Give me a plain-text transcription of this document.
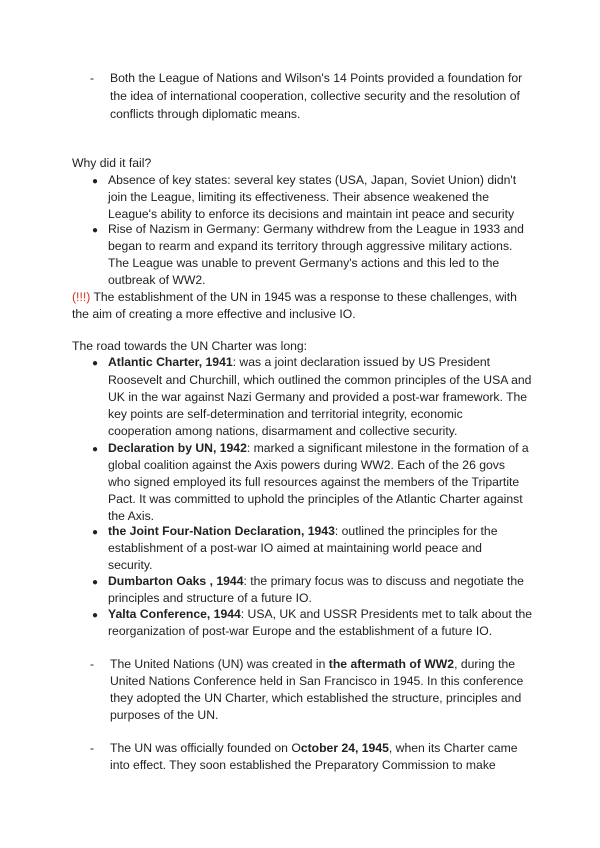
- Both the League of Nations and Wilson's 14 Points provided a foundation for
the idea of international cooperation, collective security and the resolution of
conflicts through diplomatic means.
Why did it fail?
● Absence of key states: several key states (USA, Japan, Soviet Union) didn't
join the League, limiting its effectiveness. Their absence weakened the
League's ability to enforce its decisions and maintain int peace and security
● Rise of Nazism in Germany: Germany withdrew from the League in 1933 and
began to rearm and expand its territory through aggressive military actions.
The League was unable to prevent Germany's actions and this led to the
outbreak of WW2.
(!!!) The establishment of the UN in 1945 was a response to these challenges, with
the aim of creating a more effective and inclusive IO.
The road towards the UN Charter was long:
● Atlantic Charter, 1941: was a joint declaration issued by US President
Roosevelt and Churchill, which outlined the common principles of the USA and
UK in the war against Nazi Germany and provided a post-war framework. The
key points are self-determination and territorial integrity, economic
cooperation among nations, disarmament and collective security.
● Declaration by UN, 1942: marked a significant milestone in the formation of a
global coalition against the Axis powers during WW2. Each of the 26 govs
who signed employed its full resources against the members of the Tripartite
Pact. It was committed to uphold the principles of the Atlantic Charter against
the Axis.
● the Joint Four-Nation Declaration, 1943: outlined the principles for the
establishment of a post-war IO aimed at maintaining world peace and
security.
● Dumbarton Oaks , 1944: the primary focus was to discuss and negotiate the
principles and structure of a future IO.
● Yalta Conference, 1944: USA, UK and USSR Presidents met to talk about the
reorganization of post-war Europe and the establishment of a future IO.
- The United Nations (UN) was created in the aftermath of WW2, during the
United Nations Conference held in San Francisco in 1945. In this conference
they adopted the UN Charter, which established the structure, principles and
purposes of the UN.
- The UN was officially founded on October 24, 1945, when its Charter came
into effect. They soon established the Preparatory Commission to make
